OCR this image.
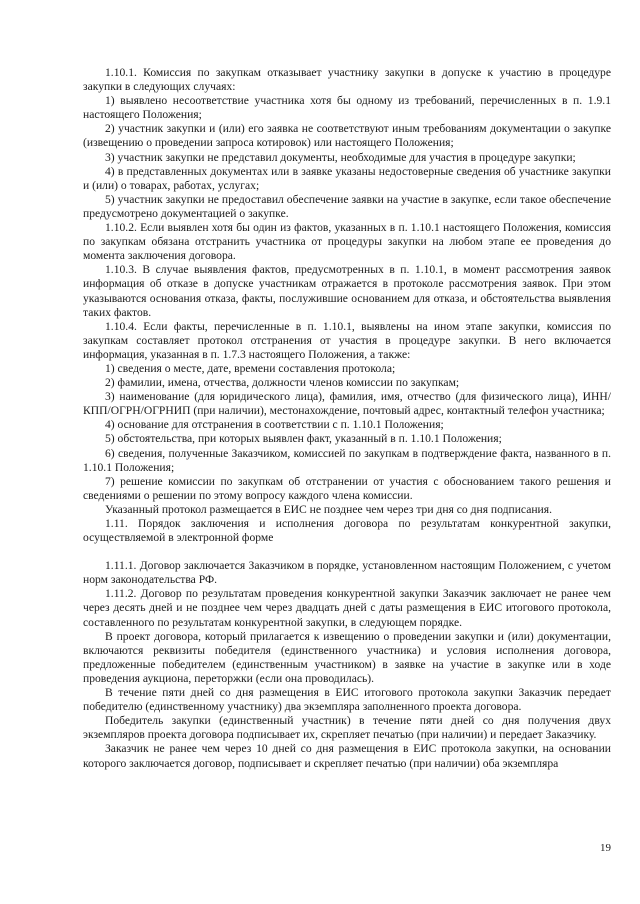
1.10.1. Комиссия по закупкам отказывает участнику закупки в допуске к участию в процедуре закупки в следующих случаях:

1) выявлено несоответствие участника хотя бы одному из требований, перечисленных в п. 1.9.1 настоящего Положения;

2) участник закупки и (или) его заявка не соответствуют иным требованиям документации о закупке (извещению о проведении запроса котировок) или настоящего Положения;

3) участник закупки не представил документы, необходимые для участия в процедуре закупки;

4) в представленных документах или в заявке указаны недостоверные сведения об участнике закупки и (или) о товарах, работах, услугах;

5) участник закупки не предоставил обеспечение заявки на участие в закупке, если такое обеспечение предусмотрено документацией о закупке.

1.10.2. Если выявлен хотя бы один из фактов, указанных в п. 1.10.1 настоящего Положения, комиссия по закупкам обязана отстранить участника от процедуры закупки на любом этапе ее проведения до момента заключения договора.

1.10.3. В случае выявления фактов, предусмотренных в п. 1.10.1, в момент рассмотрения заявок информация об отказе в допуске участникам отражается в протоколе рассмотрения заявок. При этом указываются основания отказа, факты, послужившие основанием для отказа, и обстоятельства выявления таких фактов.

1.10.4. Если факты, перечисленные в п. 1.10.1, выявлены на ином этапе закупки, комиссия по закупкам составляет протокол отстранения от участия в процедуре закупки. В него включается информация, указанная в п. 1.7.3 настоящего Положения, а также:

1) сведения о месте, дате, времени составления протокола;

2) фамилии, имена, отчества, должности членов комиссии по закупкам;

3) наименование (для юридического лица), фамилия, имя, отчество (для физического лица), ИНН/КПП/ОГРН/ОГРНИП (при наличии), местонахождение, почтовый адрес, контактный телефон участника;

4) основание для отстранения в соответствии с п. 1.10.1 Положения;

5) обстоятельства, при которых выявлен факт, указанный в п. 1.10.1 Положения;

6) сведения, полученные Заказчиком, комиссией по закупкам в подтверждение факта, названного в п. 1.10.1 Положения;

7) решение комиссии по закупкам об отстранении от участия с обоснованием такого решения и сведениями о решении по этому вопросу каждого члена комиссии.

Указанный протокол размещается в ЕИС не позднее чем через три дня со дня подписания.

1.11. Порядок заключения и исполнения договора по результатам конкурентной закупки, осуществляемой в электронной форме

1.11.1. Договор заключается Заказчиком в порядке, установленном настоящим Положением, с учетом норм законодательства РФ.

1.11.2. Договор по результатам проведения конкурентной закупки Заказчик заключает не ранее чем через десять дней и не позднее чем через двадцать дней с даты размещения в ЕИС итогового протокола, составленного по результатам конкурентной закупки, в следующем порядке.

В проект договора, который прилагается к извещению о проведении закупки и (или) документации, включаются реквизиты победителя (единственного участника) и условия исполнения договора, предложенные победителем (единственным участником) в заявке на участие в закупке или в ходе проведения аукциона, переторжки (если она проводилась).

В течение пяти дней со дня размещения в ЕИС итогового протокола закупки Заказчик передает победителю (единственному участнику) два экземпляра заполненного проекта договора.

Победитель закупки (единственный участник) в течение пяти дней со дня получения двух экземпляров проекта договора подписывает их, скрепляет печатью (при наличии) и передает Заказчику.

Заказчик не ранее чем через 10 дней со дня размещения в ЕИС протокола закупки, на основании которого заключается договор, подписывает и скрепляет печатью (при наличии) оба экземпляра

19
